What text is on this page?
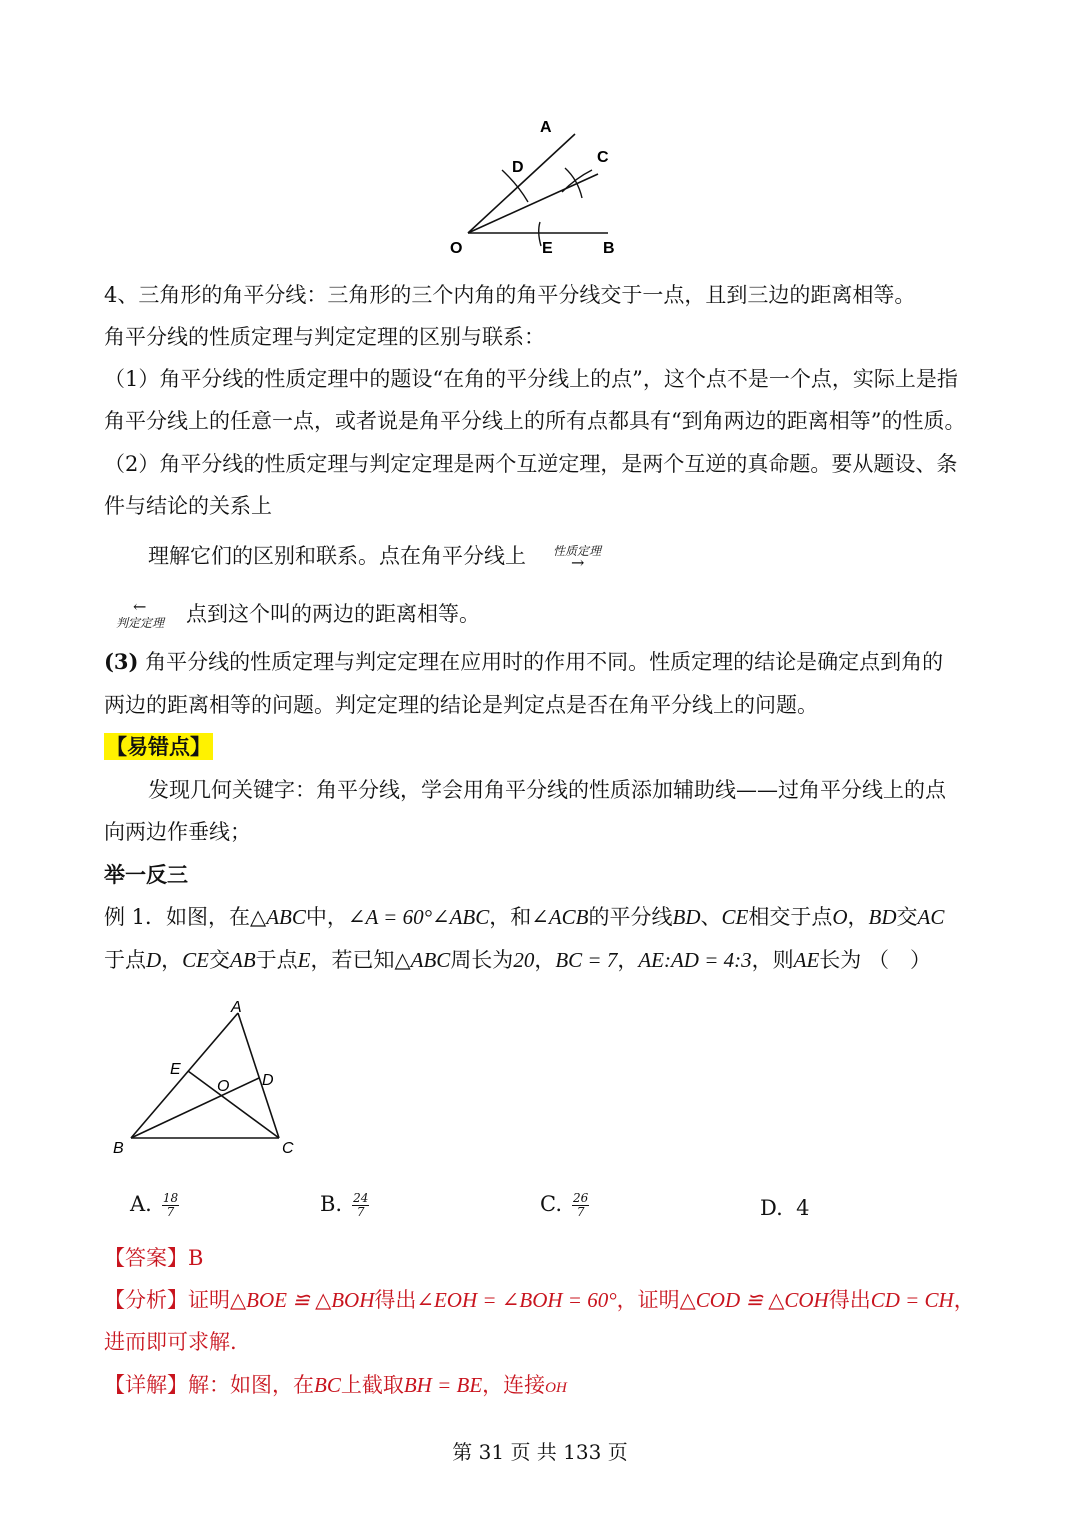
A
C
D
O	E	B
4、三角形的角平分线：三角形的三个内角的角平分线交于一点，且到三边的距离相等。
角平分线的性质定理与判定定理的区别与联系：
（1）角平分线的性质定理中的题设“在角的平分线上的点”，这个点不是一个点，实际上是指
角平分线上的任意一点，或者说是角平分线上的所有点都具有“到角两边的距离相等”的性质。
（2）角平分线的性质定理与判定定理是两个互逆定理，是两个互逆的真命题。要从题设、条
件与结论的关系上
理解它们的区别和联系。点在角平分线上 性质定理
→
←
判定定理 点到这个叫的两边的距离相等。
(3) 角平分线的性质定理与判定定理在应用时的作用不同。性质定理的结论是确定点到角的
两边的距离相等的问题。判定定理的结论是判定点是否在角平分线上的问题。
【易错点】
发现几何关键字：角平分线，学会用角平分线的性质添加辅助线——过角平分线上的点
向两边作垂线；
举一反三
例 1．如图，在△ABC中，∠A = 60°∠ABC，和∠ACB的平分线BD、CE相交于点O，BD交AC
于点D，CE交AB于点E，若已知△ABC周长为20，BC = 7，AE:AD = 4:3，则AE长为 （　）
A
E
O D
B	C
A. $\frac{18}{7}$	B. $\frac{24}{7}$	C. $\frac{26}{7}$	D. 4
【答案】B
【分析】证明△BOE ≌ △BOH得出∠EOH = ∠BOH = 60°，证明△COD ≌ △COH得出CD = CH，
进而即可求解.
【详解】解：如图，在BC上截取BH = BE，连接OH
第 31 页 共 133 页
